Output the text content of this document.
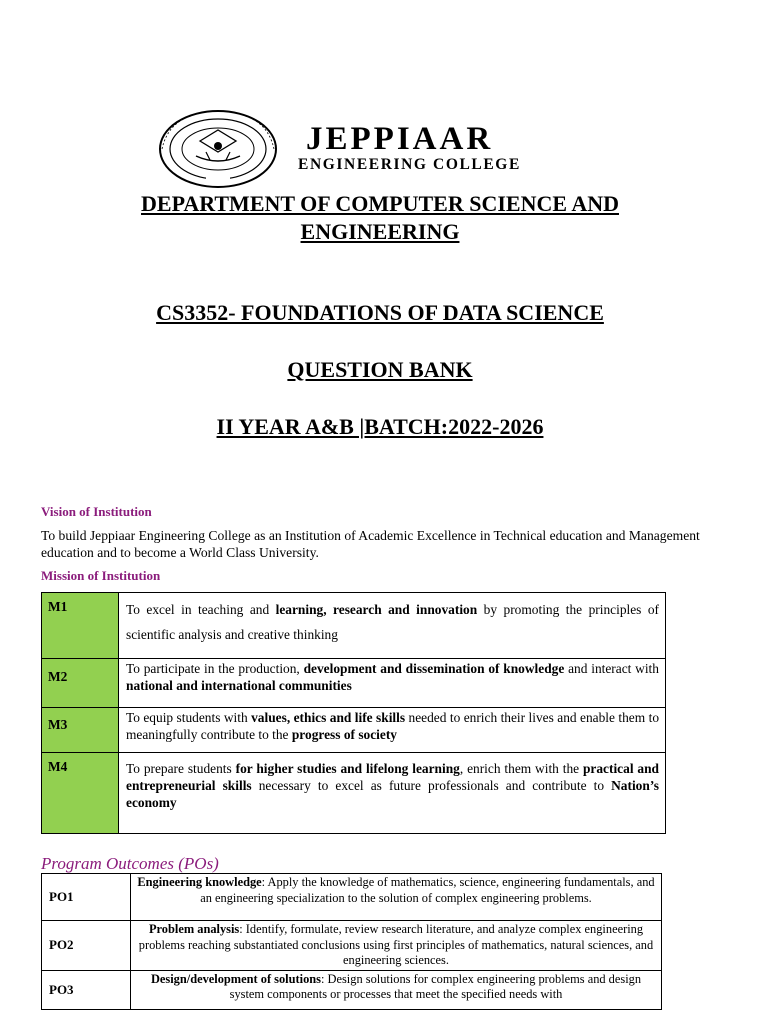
JEPPIAAR
ENGINEERING COLLEGE
DEPARTMENT OF COMPUTER SCIENCE AND ENGINEERING
CS3352- FOUNDATIONS OF DATA SCIENCE
QUESTION BANK
II YEAR A&B |BATCH:2022-2026
Vision of Institution
To build Jeppiaar Engineering College as an Institution of Academic Excellence in Technical education and Management education and to become a World Class University.
Mission of Institution
M1	To excel in teaching and learning, research and innovation by promoting the principles of scientific analysis and creative thinking
M2	To participate in the production, development and dissemination of knowledge and interact with national and international communities
M3	To equip students with values, ethics and life skills needed to enrich their lives and enable them to meaningfully contribute to the progress of society
M4	To prepare students for higher studies and lifelong learning, enrich them with the practical and entrepreneurial skills necessary to excel as future professionals and contribute to Nation’s economy
Program Outcomes (POs)
PO1	Engineering knowledge: Apply the knowledge of mathematics, science, engineering fundamentals, and an engineering specialization to the solution of complex engineering problems.
PO2	Problem analysis: Identify, formulate, review research literature, and analyze complex engineering problems reaching substantiated conclusions using first principles of mathematics, natural sciences, and engineering sciences.
PO3	Design/development of solutions: Design solutions for complex engineering problems and design system components or processes that meet the specified needs with
